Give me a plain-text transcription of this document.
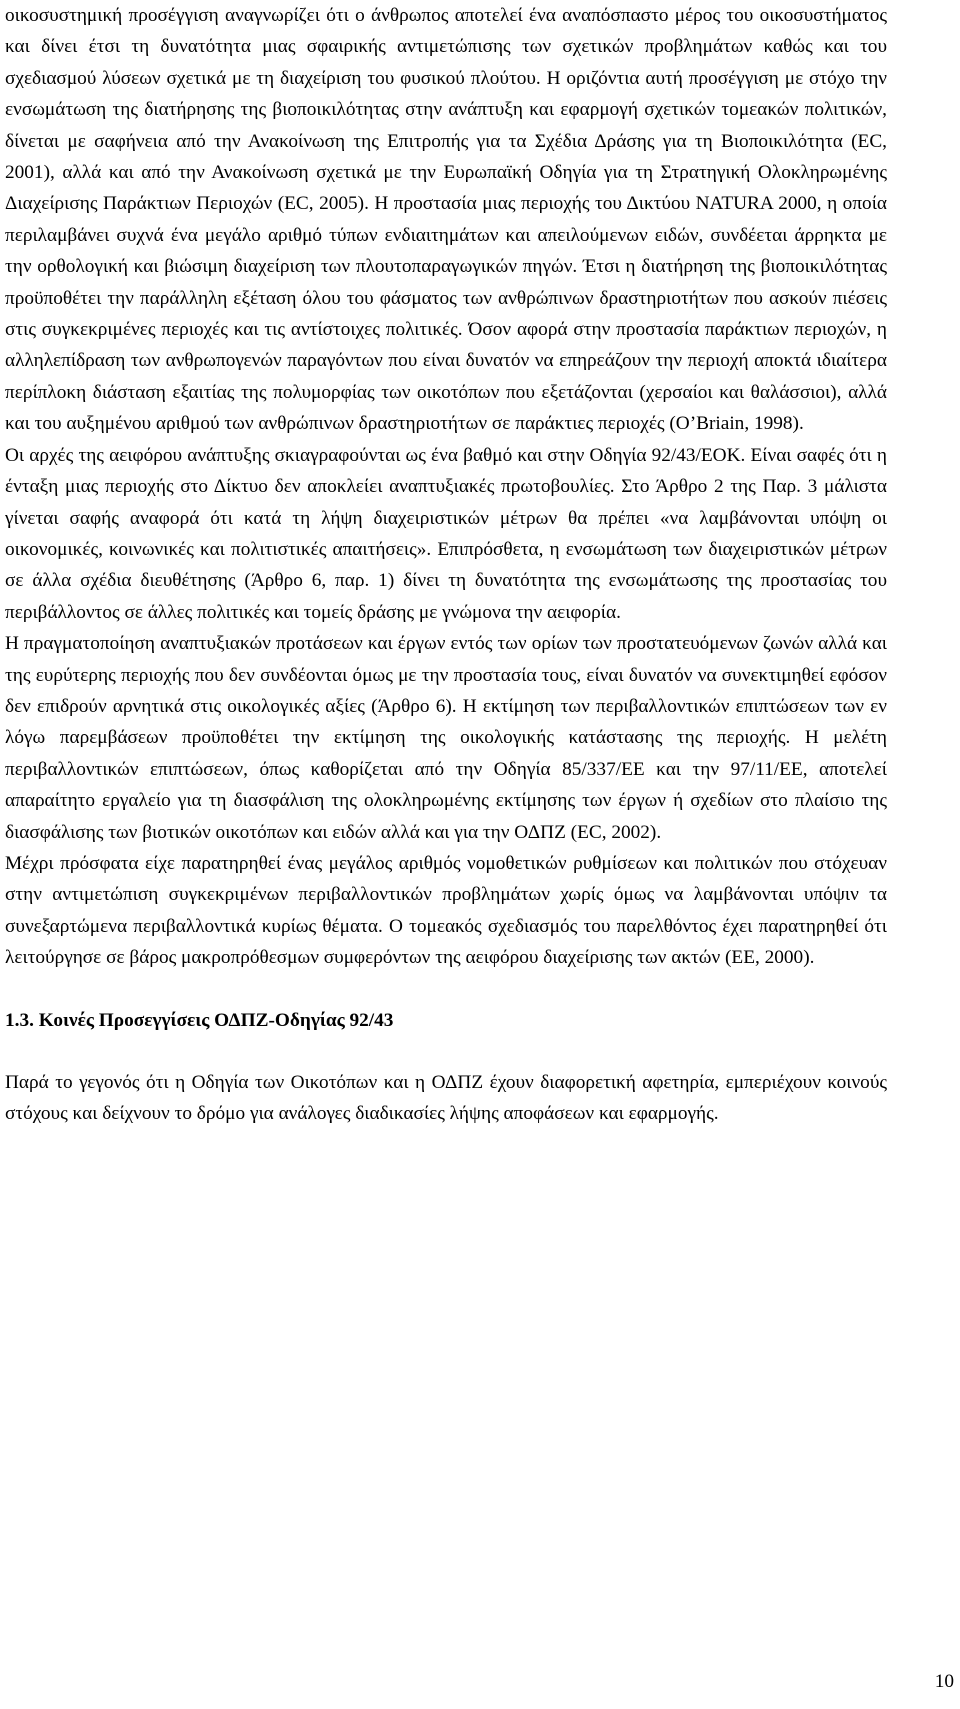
οικοσυστημική προσέγγιση αναγνωρίζει ότι ο άνθρωπος αποτελεί ένα αναπόσπαστο μέρος του οικοσυστήματος και δίνει έτσι τη δυνατότητα μιας σφαιρικής αντιμετώπισης των σχετικών προβλημάτων καθώς και του σχεδιασμού λύσεων σχετικά με τη διαχείριση του φυσικού πλούτου. Η οριζόντια αυτή προσέγγιση με στόχο την ενσωμάτωση της διατήρησης της βιοποικιλότητας στην ανάπτυξη και εφαρμογή σχετικών τομεακών πολιτικών, δίνεται με σαφήνεια από την Ανακοίνωση της Επιτροπής για τα Σχέδια Δράσης για τη Βιοποικιλότητα (EC, 2001), αλλά και από την Ανακοίνωση σχετικά με την Ευρωπαϊκή Οδηγία για τη Στρατηγική Ολοκληρωμένης Διαχείρισης Παράκτιων Περιοχών (EC, 2005). Η προστασία μιας περιοχής του Δικτύου NATURA 2000, η οποία περιλαμβάνει συχνά ένα μεγάλο αριθμό τύπων ενδιαιτημάτων και απειλούμενων ειδών, συνδέεται άρρηκτα με την ορθολογική και βιώσιμη διαχείριση των πλουτοπαραγωγικών πηγών. Έτσι η διατήρηση της βιοποικιλότητας προϋποθέτει την παράλληλη εξέταση όλου του φάσματος των ανθρώπινων δραστηριοτήτων που ασκούν πιέσεις στις συγκεκριμένες περιοχές και τις αντίστοιχες πολιτικές. Όσον αφορά στην προστασία παράκτιων περιοχών, η αλληλεπίδραση των ανθρωπογενών παραγόντων που είναι δυνατόν να επηρεάζουν την περιοχή αποκτά ιδιαίτερα περίπλοκη διάσταση εξαιτίας της πολυμορφίας των οικοτόπων που εξετάζονται (χερσαίοι και θαλάσσιοι), αλλά και του αυξημένου αριθμού των ανθρώπινων δραστηριοτήτων σε παράκτιες περιοχές (O’Briain, 1998).

Οι αρχές της αειφόρου ανάπτυξης σκιαγραφούνται ως ένα βαθμό και στην Οδηγία 92/43/ΕΟΚ. Είναι σαφές ότι η ένταξη μιας περιοχής στο Δίκτυο δεν αποκλείει αναπτυξιακές πρωτοβουλίες. Στο Άρθρο 2 της Παρ. 3 μάλιστα γίνεται σαφής αναφορά ότι κατά τη λήψη διαχειριστικών μέτρων θα πρέπει «να λαμβάνονται υπόψη οι οικονομικές, κοινωνικές και πολιτιστικές απαιτήσεις». Επιπρόσθετα, η ενσωμάτωση των διαχειριστικών μέτρων σε άλλα σχέδια διευθέτησης (Άρθρο 6, παρ. 1) δίνει τη δυνατότητα της ενσωμάτωσης της προστασίας του περιβάλλοντος σε άλλες πολιτικές και τομείς δράσης με γνώμονα την αειφορία.

Η πραγματοποίηση αναπτυξιακών προτάσεων και έργων εντός των ορίων των προστατευόμενων ζωνών αλλά και της ευρύτερης περιοχής που δεν συνδέονται όμως με την προστασία τους, είναι δυνατόν να συνεκτιμηθεί εφόσον δεν επιδρούν αρνητικά στις οικολογικές αξίες (Άρθρο 6). Η εκτίμηση των περιβαλλοντικών επιπτώσεων των εν λόγω παρεμβάσεων προϋποθέτει την εκτίμηση της οικολογικής κατάστασης της περιοχής. Η μελέτη περιβαλλοντικών επιπτώσεων, όπως καθορίζεται από την Οδηγία 85/337/ΕΕ και την 97/11/ΕΕ, αποτελεί απαραίτητο εργαλείο για τη διασφάλιση της ολοκληρωμένης εκτίμησης των έργων ή σχεδίων στο πλαίσιο της διασφάλισης των βιοτικών οικοτόπων και ειδών αλλά και για την ΟΔΠΖ (EC, 2002).

Μέχρι πρόσφατα είχε παρατηρηθεί ένας μεγάλος αριθμός νομοθετικών ρυθμίσεων και πολιτικών που στόχευαν στην αντιμετώπιση συγκεκριμένων περιβαλλοντικών προβλημάτων χωρίς όμως να λαμβάνονται υπόψιν τα συνεξαρτώμενα περιβαλλοντικά κυρίως θέματα. Ο τομεακός σχεδιασμός του παρελθόντος έχει παρατηρηθεί ότι λειτούργησε σε βάρος μακροπρόθεσμων συμφερόντων της αειφόρου διαχείρισης των ακτών (ΕΕ, 2000).

1.3. Κοινές Προσεγγίσεις ΟΔΠΖ-Οδηγίας 92/43

Παρά το γεγονός ότι η Οδηγία των Οικοτόπων και η ΟΔΠΖ έχουν διαφορετική αφετηρία, εμπεριέχουν κοινούς στόχους και δείχνουν το δρόμο για ανάλογες διαδικασίες λήψης αποφάσεων και εφαρμογής.

10
